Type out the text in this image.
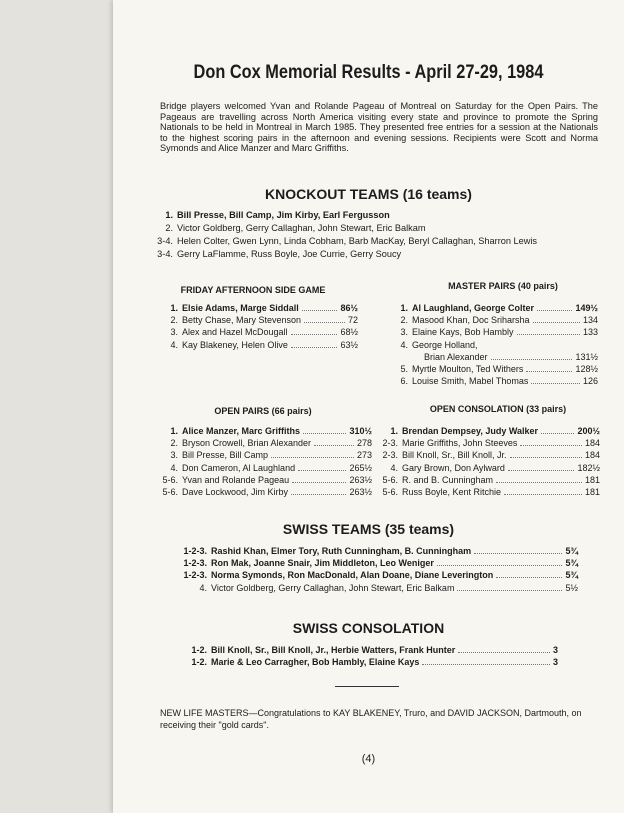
Don Cox Memorial Results - April 27-29, 1984

Bridge players welcomed Yvan and Rolande Pageau of Montreal on Saturday for the Open Pairs. The Pageaus are travelling across North America visiting every state and province to promote the Spring Nationals to be held in Montreal in March 1985. They presented free entries for a session at the Nationals to the highest scoring pairs in the afternoon and evening sessions. Recipients were Scott and Norma Symonds and Alice Manzer and Marc Griffiths.

KNOCKOUT TEAMS (16 teams)
1. Bill Presse, Bill Camp, Jim Kirby, Earl Fergusson
2. Victor Goldberg, Gerry Callaghan, John Stewart, Eric Balkam
3-4. Helen Colter, Gwen Lynn, Linda Cobham, Barb MacKay, Beryl Callaghan, Sharron Lewis
3-4. Gerry LaFlamme, Russ Boyle, Joe Currie, Gerry Soucy
FRIDAY AFTERNOON SIDE GAME
1. Elsie Adams, Marge Siddall	86½
2. Betty Chase, Mary Stevenson	72
3. Alex and Hazel McDougall	68½
4. Kay Blakeney, Helen Olive	63½
MASTER PAIRS (40 pairs)
1. Al Laughland, George Colter	149½
2. Masood Khan, Doc Sriharsha	134
3. Elaine Kays, Bob Hambly	133
4. George Holland,
Brian Alexander	131½
5. Myrtle Moulton, Ted Withers	128½
6. Louise Smith, Mabel Thomas	126
OPEN PAIRS (66 pairs)
1. Alice Manzer, Marc Griffiths	310½
2. Bryson Crowell, Brian Alexander	278
3. Bill Presse, Bill Camp	273
4. Don Cameron, Al Laughland	265½
5-6. Yvan and Rolande Pageau	263½
5-6. Dave Lockwood, Jim Kirby	263½
OPEN CONSOLATION (33 pairs)
1. Brendan Dempsey, Judy Walker	200½
2-3. Marie Griffiths, John Steeves	184
2-3. Bill Knoll, Sr., Bill Knoll, Jr.	184
4. Gary Brown, Don Aylward	182½
5-6. R. and B. Cunningham	181
5-6. Russ Boyle, Kent Ritchie	181
SWISS TEAMS (35 teams)
1-2-3. Rashid Khan, Elmer Tory, Ruth Cunningham, B. Cunningham	5¾
1-2-3. Ron Mak, Joanne Snair, Jim Middleton, Leo Weniger	5¾
1-2-3. Norma Symonds, Ron MacDonald, Alan Doane, Diane Leverington	5¾
4. Victor Goldberg, Gerry Callaghan, John Stewart, Eric Balkam	5½
SWISS CONSOLATION
1-2. Bill Knoll, Sr., Bill Knoll, Jr., Herbie Watters, Frank Hunter	3
1-2. Marie & Leo Carragher, Bob Hambly, Elaine Kays	3

NEW LIFE MASTERS—Congratulations to KAY BLAKENEY, Truro, and DAVID JACKSON, Dartmouth, on receiving their "gold cards".

(4)
